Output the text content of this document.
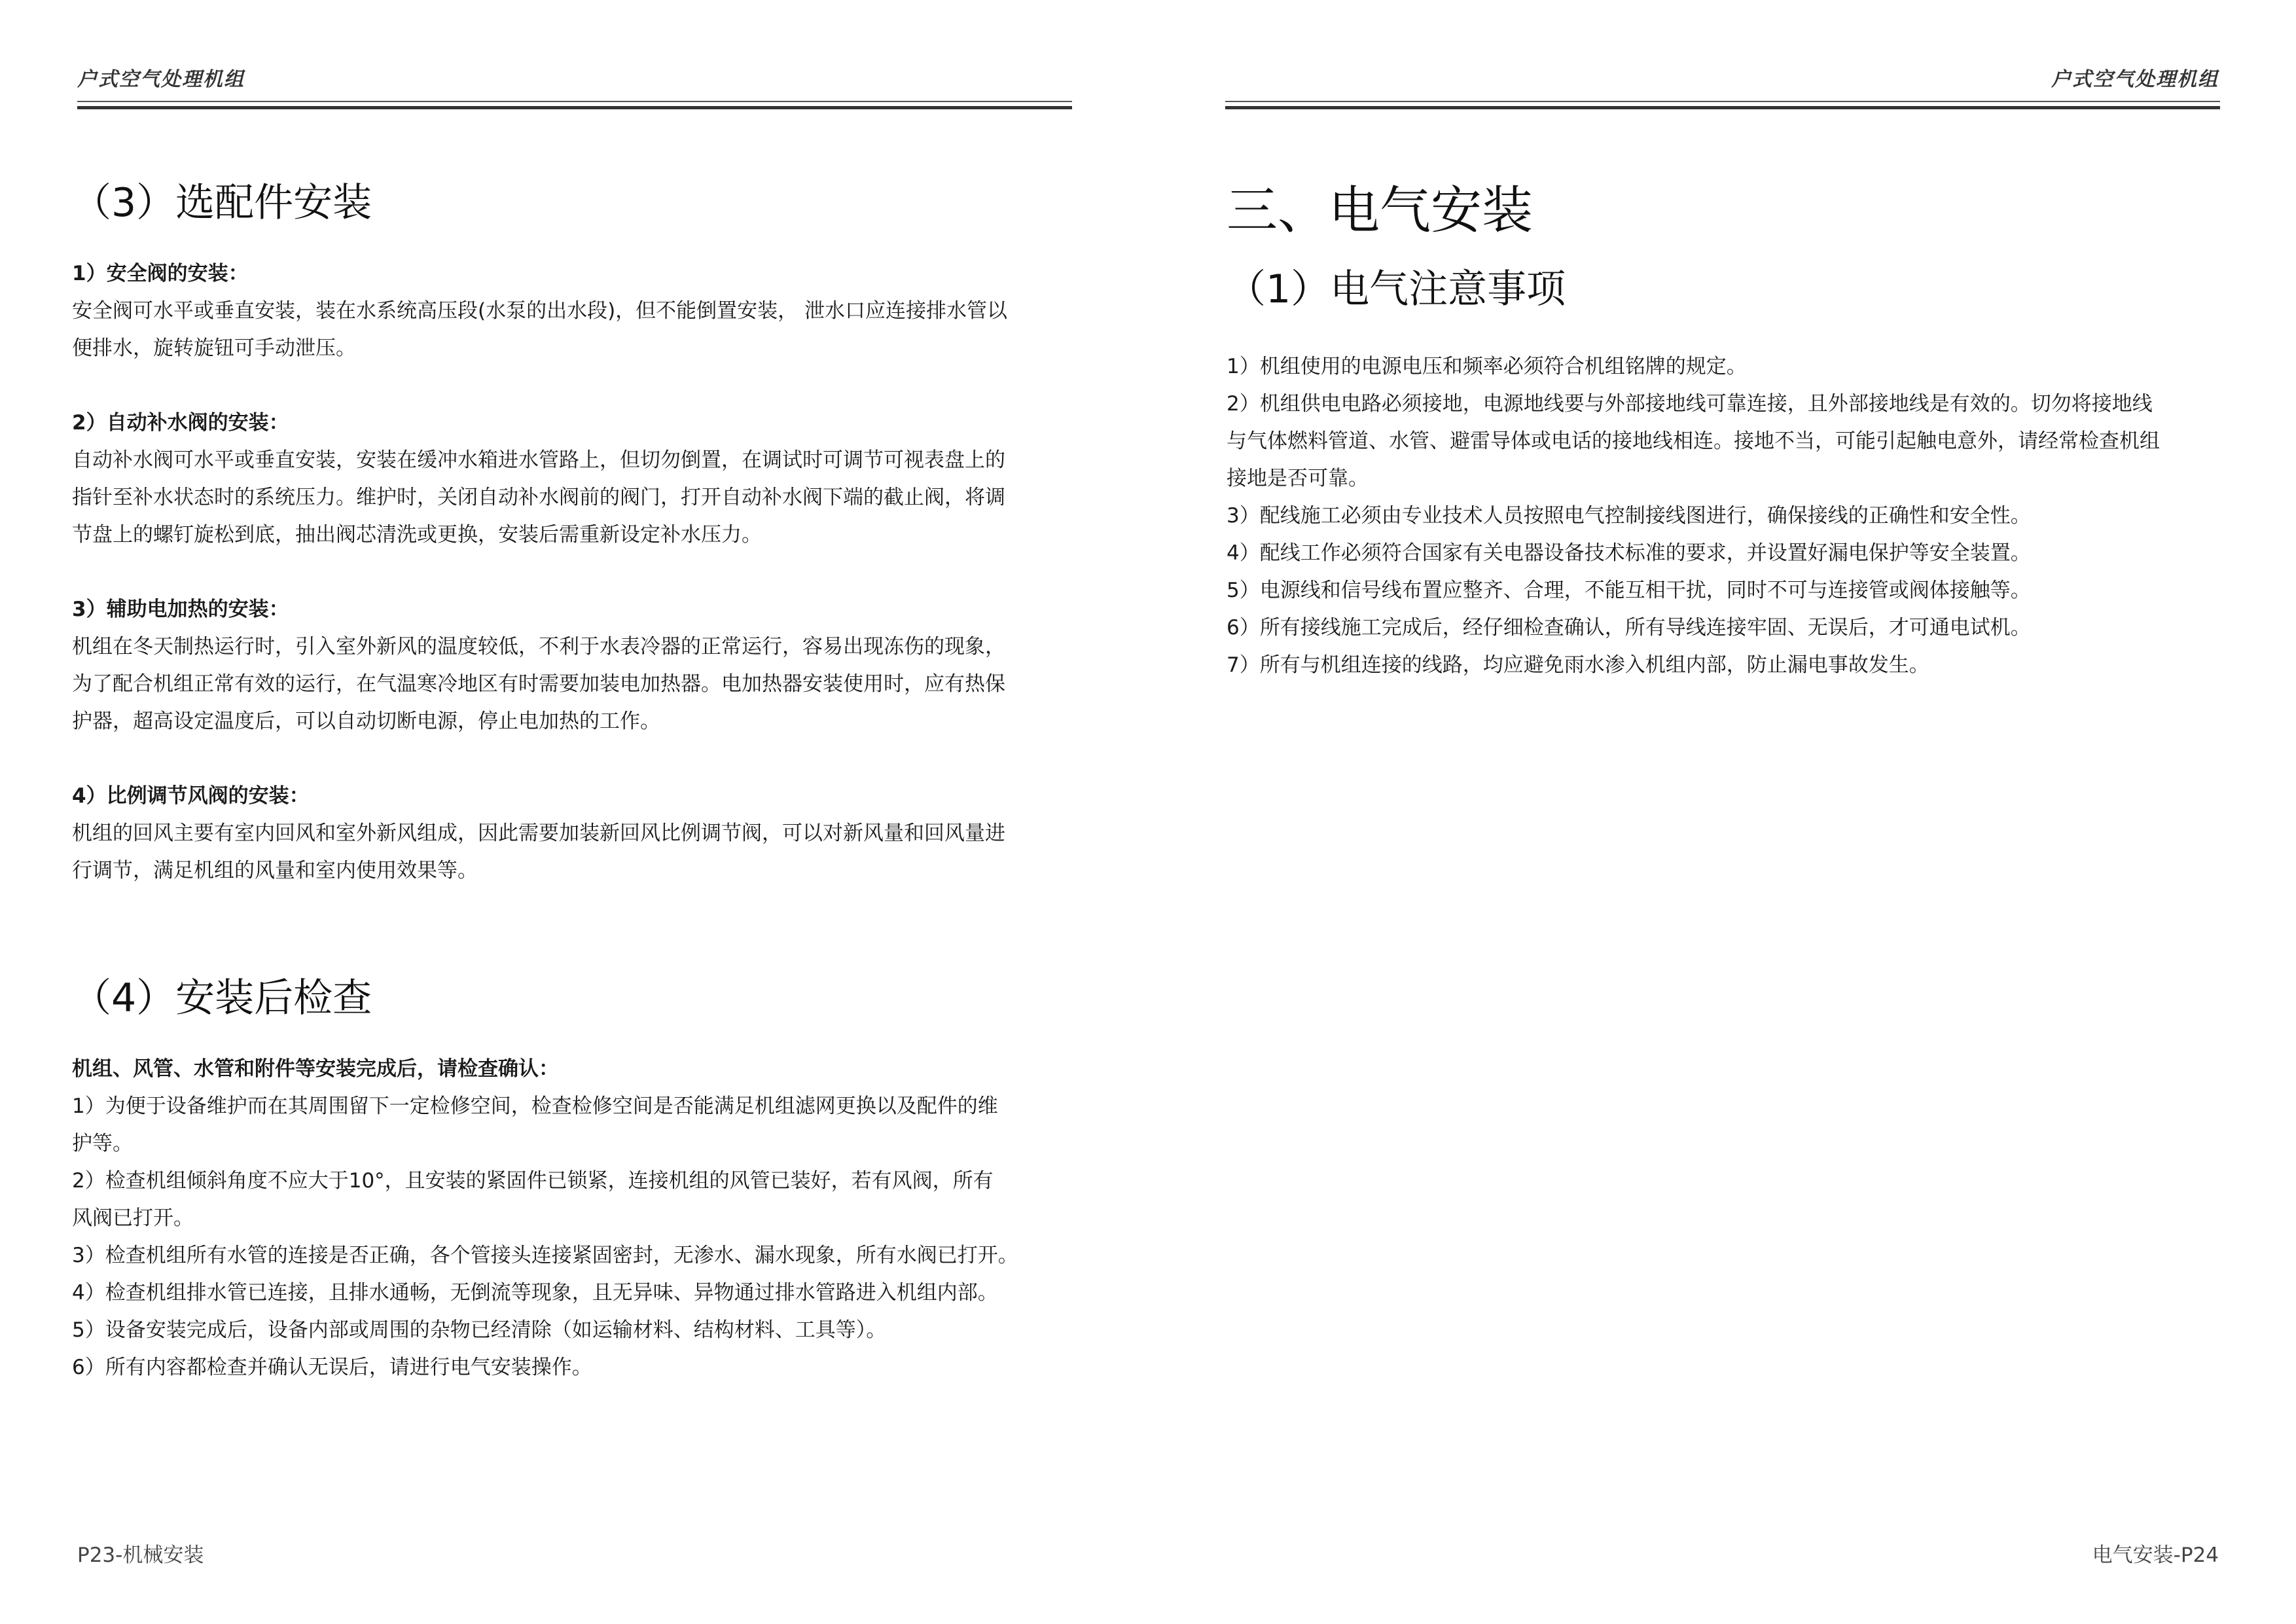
户式空气处理机组
（3）选配件安装

1）安全阀的安装：

安全阀可水平或垂直安装，装在水系统高压段(水泵的出水段)，但不能倒置安装， 泄水口应连接排水管以

便排水，旋转旋钮可手动泄压。

2）自动补水阀的安装：

自动补水阀可水平或垂直安装，安装在缓冲水箱进水管路上，但切勿倒置，在调试时可调节可视表盘上的

指针至补水状态时的系统压力。维护时，关闭自动补水阀前的阀门，打开自动补水阀下端的截止阀，将调

节盘上的螺钉旋松到底，抽出阀芯清洗或更换，安装后需重新设定补水压力。

3）辅助电加热的安装：

机组在冬天制热运行时，引入室外新风的温度较低，不利于水表冷器的正常运行，容易出现冻伤的现象，

为了配合机组正常有效的运行，在气温寒冷地区有时需要加装电加热器。电加热器安装使用时，应有热保

护器，超高设定温度后，可以自动切断电源，停止电加热的工作。

4）比例调节风阀的安装：

机组的回风主要有室内回风和室外新风组成，因此需要加装新回风比例调节阀，可以对新风量和回风量进

行调节，满足机组的风量和室内使用效果等。

（4）安装后检查

机组、风管、水管和附件等安装完成后，请检查确认：

1）为便于设备维护而在其周围留下一定检修空间，检查检修空间是否能满足机组滤网更换以及配件的维

护等。

2）检查机组倾斜角度不应大于10°，且安装的紧固件已锁紧，连接机组的风管已装好，若有风阀，所有

风阀已打开。

3）检查机组所有水管的连接是否正确，各个管接头连接紧固密封，无渗水、漏水现象，所有水阀已打开。

4）检查机组排水管已连接，且排水通畅，无倒流等现象，且无异味、异物通过排水管路进入机组内部。

5）设备安装完成后，设备内部或周围的杂物已经清除（如运输材料、结构材料、工具等）。

6）所有内容都检查并确认无误后，请进行电气安装操作。

P23-机械安装
户式空气处理机组
三、电气安装
（1）电气注意事项

1）机组使用的电源电压和频率必须符合机组铭牌的规定。

2）机组供电电路必须接地，电源地线要与外部接地线可靠连接，且外部接地线是有效的。切勿将接地线

与气体燃料管道、水管、避雷导体或电话的接地线相连。接地不当，可能引起触电意外，请经常检查机组

接地是否可靠。

3）配线施工必须由专业技术人员按照电气控制接线图进行，确保接线的正确性和安全性。

4）配线工作必须符合国家有关电器设备技术标准的要求，并设置好漏电保护等安全装置。

5）电源线和信号线布置应整齐、合理，不能互相干扰，同时不可与连接管或阀体接触等。

6）所有接线施工完成后，经仔细检查确认，所有导线连接牢固、无误后，才可通电试机。

7）所有与机组连接的线路，均应避免雨水渗入机组内部，防止漏电事故发生。

电气安装-P24
